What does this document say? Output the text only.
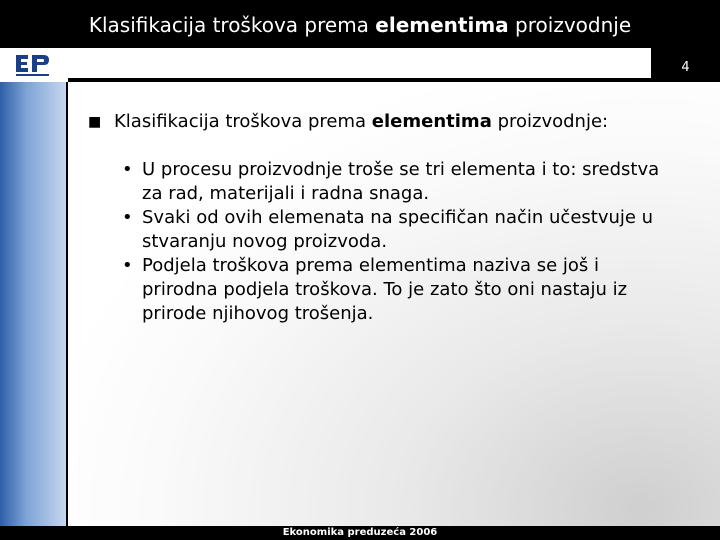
Klasifikacija troškova prema elementima proizvodnje
4
■ Klasifikacija troškova prema elementima proizvodnje:
• U procesu proizvodnje troše se tri elementa i to: sredstva za rad, materijali i radna snaga.
• Svaki od ovih elemenata na specifičan način učestvuje u stvaranju novog proizvoda.
• Podjela troškova prema elementima naziva se još i prirodna podjela troškova. To je zato što oni nastaju iz prirode njihovog trošenja.
Ekonomika preduzeća 2006
